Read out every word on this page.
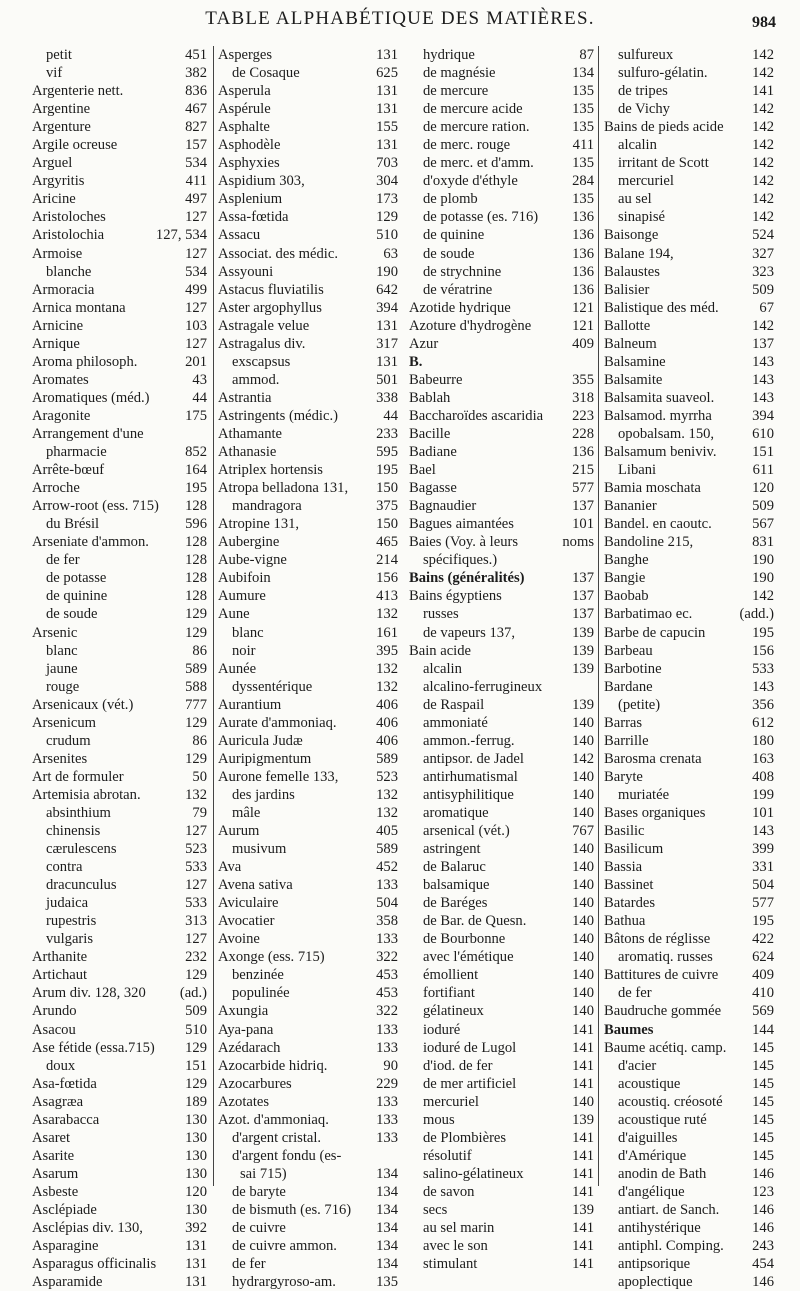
TABLE ALPHABÉTIQUE DES MATIÈRES.	984
petit	451
vif	382
Argenterie nett.	836
Argentine	467
Argenture	827
Argile ocreuse	157
Arguel	534
Argyritis	411
Aricine	497
Aristoloches	127
Aristolochia	127, 534
Armoise	127
blanche	534
Armoracia	499
Arnica montana	127
Arnicine	103
Arnique	127
Aroma philosoph.	201
Aromates	43
Aromatiques (méd.)	44
Aragonite	175
Arrangement d'une
pharmacie	852
Arrête-bœuf	164
Arroche	195
Arrow-root (ess. 715)	128
du Brésil	596
Arseniate d'ammon.	128
de fer	128
de potasse	128
de quinine	128
de soude	129
Arsenic	129
blanc	86
jaune	589
rouge	588
Arsenicaux (vét.)	777
Arsenicum	129
crudum	86
Arsenites	129
Art de formuler	50
Artemisia abrotan.	132
absinthium	79
chinensis	127
cærulescens	523
contra	533
dracunculus	127
judaica	533
rupestris	313
vulgaris	127
Arthanite	232
Artichaut	129
Arum div. 128, 320	(ad.)
Arundo	509
Asacou	510
Ase fétide (essa.715)	129
doux	151
Asa-fœtida	129
Asagræa	189
Asarabacca	130
Asaret	130
Asarite	130
Asarum	130
Asbeste	120
Asclépiade	130
Asclépias div. 130,	392
Asparagine	131
Asparagus officinalis	131
Asparamide	131
Asperges	131
de Cosaque	625
Asperula	131
Aspérule	131
Asphalte	155
Asphodèle	131
Asphyxies	703
Aspidium 303,	304
Asplenium	173
Assa-fœtida	129
Assacu	510
Associat. des médic.	63
Assyouni	190
Astacus fluviatilis	642
Aster argophyllus	394
Astragale velue	131
Astragalus div.	317
exscapsus	131
ammod.	501
Astrantia	338
Astringents (médic.)	44
Athamante	233
Athanasie	595
Atriplex hortensis	195
Atropa belladona 131,	150
mandragora	375
Atropine 131,	150
Aubergine	465
Aube-vigne	214
Aubifoin	156
Aumure	413
Aune	132
blanc	161
noir	395
Aunée	132
dyssentérique	132
Aurantium	406
Aurate d'ammoniaq.	406
Auricula Judæ	406
Auripigmentum	589
Aurone femelle 133,	523
des jardins	132
mâle	132
Aurum	405
musivum	589
Ava	452
Avena sativa	133
Aviculaire	504
Avocatier	358
Avoine	133
Axonge (ess. 715)	322
benzinée	453
populinée	453
Axungia	322
Aya-pana	133
Azédarach	133
Azocarbide hidriq.	90
Azocarbures	229
Azotates	133
Azot. d'ammoniaq.	133
d'argent cristal.	133
d'argent fondu (es-
sai 715)	134
de baryte	134
de bismuth (es. 716)	134
de cuivre	134
de cuivre ammon.	134
de fer	134
hydrargyroso-am.	135
hydrique	87
de magnésie	134
de mercure	135
de mercure acide	135
de mercure ration.	135
de merc. rouge	411
de merc. et d'amm.	135
d'oxyde d'éthyle	284
de plomb	135
de potasse (es. 716)	136
de quinine	136
de soude	136
de strychnine	136
de vératrine	136
Azotide hydrique	121
Azoture d'hydrogène	121
Azur	409
B.
Babeurre	355
Bablah	318
Baccharoïdes ascaridia	223
Bacille	228
Badiane	136
Bael	215
Bagasse	577
Bagnaudier	137
Bagues aimantées	101
Baies (Voy. à leurs	noms
spécifiques.)
Bains (généralités)	137
Bains égyptiens	137
russes	137
de vapeurs 137,	139
Bain acide	139
alcalin	139
alcalino-ferrugineux
de Raspail	139
ammoniaté	140
ammon.-ferrug.	140
antipsor. de Jadel	142
antirhumatismal	140
antisyphilitique	140
aromatique	140
arsenical (vét.)	767
astringent	140
de Balaruc	140
balsamique	140
de Baréges	140
de Bar. de Quesn.	140
de Bourbonne	140
avec l'émétique	140
émollient	140
fortifiant	140
gélatineux	140
ioduré	141
ioduré de Lugol	141
d'iod. de fer	141
de mer artificiel	141
mercuriel	140
mous	139
de Plombières	141
résolutif	141
salino-gélatineux	141
de savon	141
secs	139
au sel marin	141
avec le son	141
stimulant	141
sulfureux	142
sulfuro-gélatin.	142
de tripes	141
de Vichy	142
Bains de pieds acide	142
alcalin	142
irritant de Scott	142
mercuriel	142
au sel	142
sinapisé	142
Baisonge	524
Balane 194,	327
Balaustes	323
Balisier	509
Balistique des méd.	67
Ballotte	142
Balneum	137
Balsamine	143
Balsamite	143
Balsamita suaveol.	143
Balsamod. myrrha	394
opobalsam. 150,	610
Balsamum beniviv.	151
Libani	611
Bamia moschata	120
Bananier	509
Bandel. en caoutc.	567
Bandoline 215,	831
Banghe	190
Bangie	190
Baobab	142
Barbatimao ec.	(add.)
Barbe de capucin	195
Barbeau	156
Barbotine	533
Bardane	143
(petite)	356
Barras	612
Barrille	180
Barosma crenata	163
Baryte	408
muriatée	199
Bases organiques	101
Basilic	143
Basilicum	399
Bassia	331
Bassinet	504
Batardes	577
Bathua	195
Bâtons de réglisse	422
aromatiq. russes	624
Battitures de cuivre	409
de fer	410
Baudruche gommée	569
Baumes	144
Baume acétiq. camp.	145
d'acier	145
acoustique	145
acoustiq. créosoté	145
acoustique ruté	145
d'aiguilles	145
d'Amérique	145
anodin de Bath	146
d'angélique	123
antiart. de Sanch.	146
antihystérique	146
antiphl. Comping.	243
antipsorique	454
apoplectique	146
